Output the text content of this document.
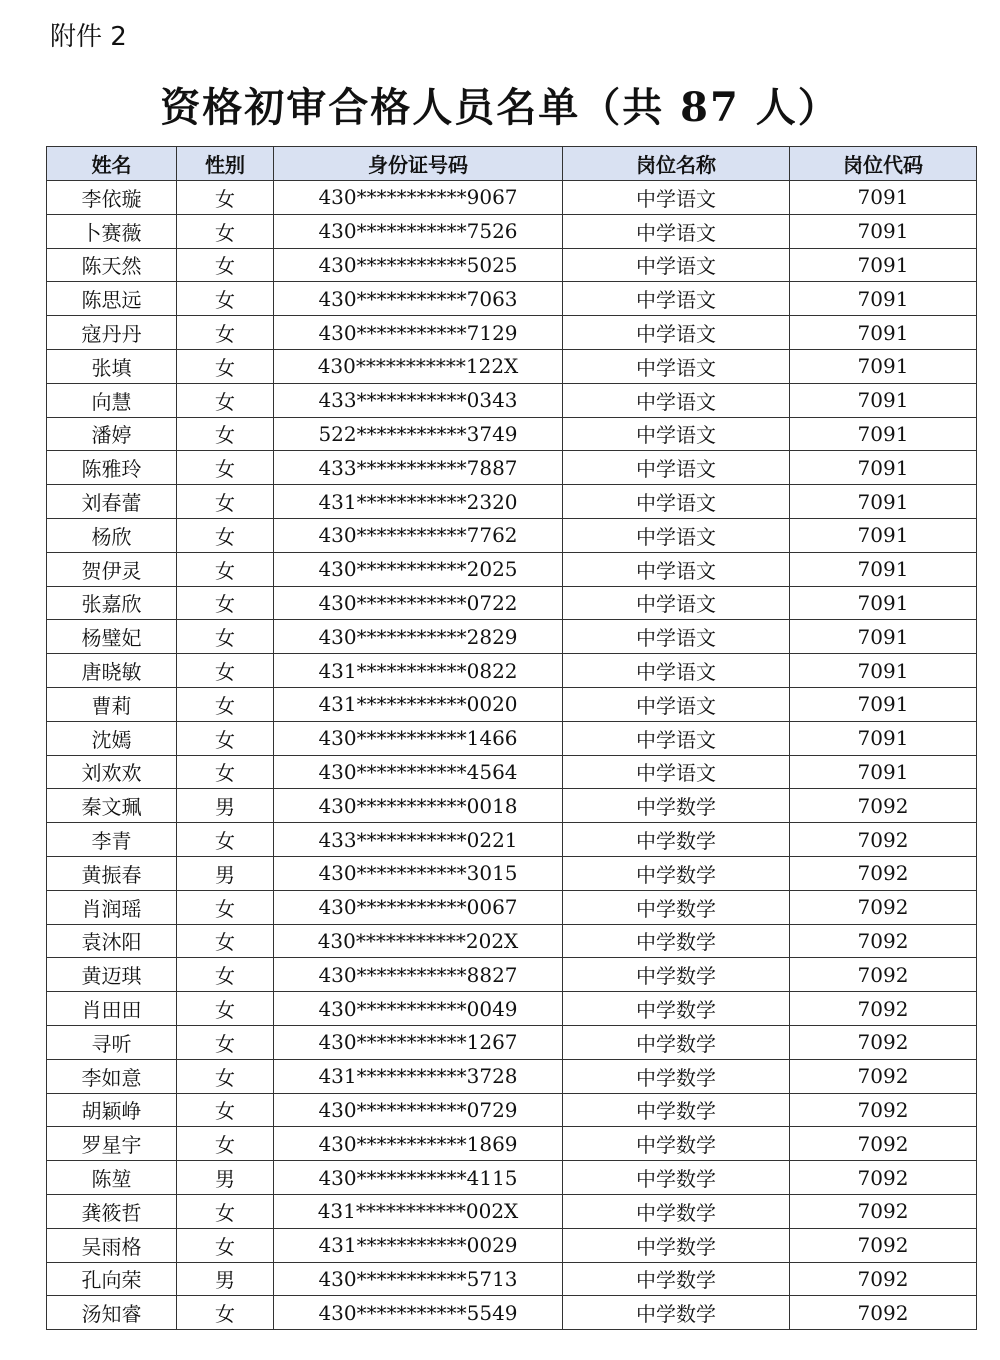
附件 2
资格初审合格人员名单（共 87 人）
姓名	性别	身份证号码	岗位名称	岗位代码
李依璇	女	430***********9067	中学语文	7091
卜赛薇	女	430***********7526	中学语文	7091
陈天然	女	430***********5025	中学语文	7091
陈思远	女	430***********7063	中学语文	7091
寇丹丹	女	430***********7129	中学语文	7091
张填	女	430***********122X	中学语文	7091
向慧	女	433***********0343	中学语文	7091
潘婷	女	522***********3749	中学语文	7091
陈雅玲	女	433***********7887	中学语文	7091
刘春蕾	女	431***********2320	中学语文	7091
杨欣	女	430***********7762	中学语文	7091
贺伊灵	女	430***********2025	中学语文	7091
张嘉欣	女	430***********0722	中学语文	7091
杨璧妃	女	430***********2829	中学语文	7091
唐晓敏	女	431***********0822	中学语文	7091
曹莉	女	431***********0020	中学语文	7091
沈嫣	女	430***********1466	中学语文	7091
刘欢欢	女	430***********4564	中学语文	7091
秦文珮	男	430***********0018	中学数学	7092
李青	女	433***********0221	中学数学	7092
黄振春	男	430***********3015	中学数学	7092
肖润瑶	女	430***********0067	中学数学	7092
袁沐阳	女	430***********202X	中学数学	7092
黄迈琪	女	430***********8827	中学数学	7092
肖田田	女	430***********0049	中学数学	7092
寻听	女	430***********1267	中学数学	7092
李如意	女	431***********3728	中学数学	7092
胡颖峥	女	430***********0729	中学数学	7092
罗星宇	女	430***********1869	中学数学	7092
陈堃	男	430***********4115	中学数学	7092
龚筱哲	女	431***********002X	中学数学	7092
吴雨格	女	431***********0029	中学数学	7092
孔向荣	男	430***********5713	中学数学	7092
汤知睿	女	430***********5549	中学数学	7092
